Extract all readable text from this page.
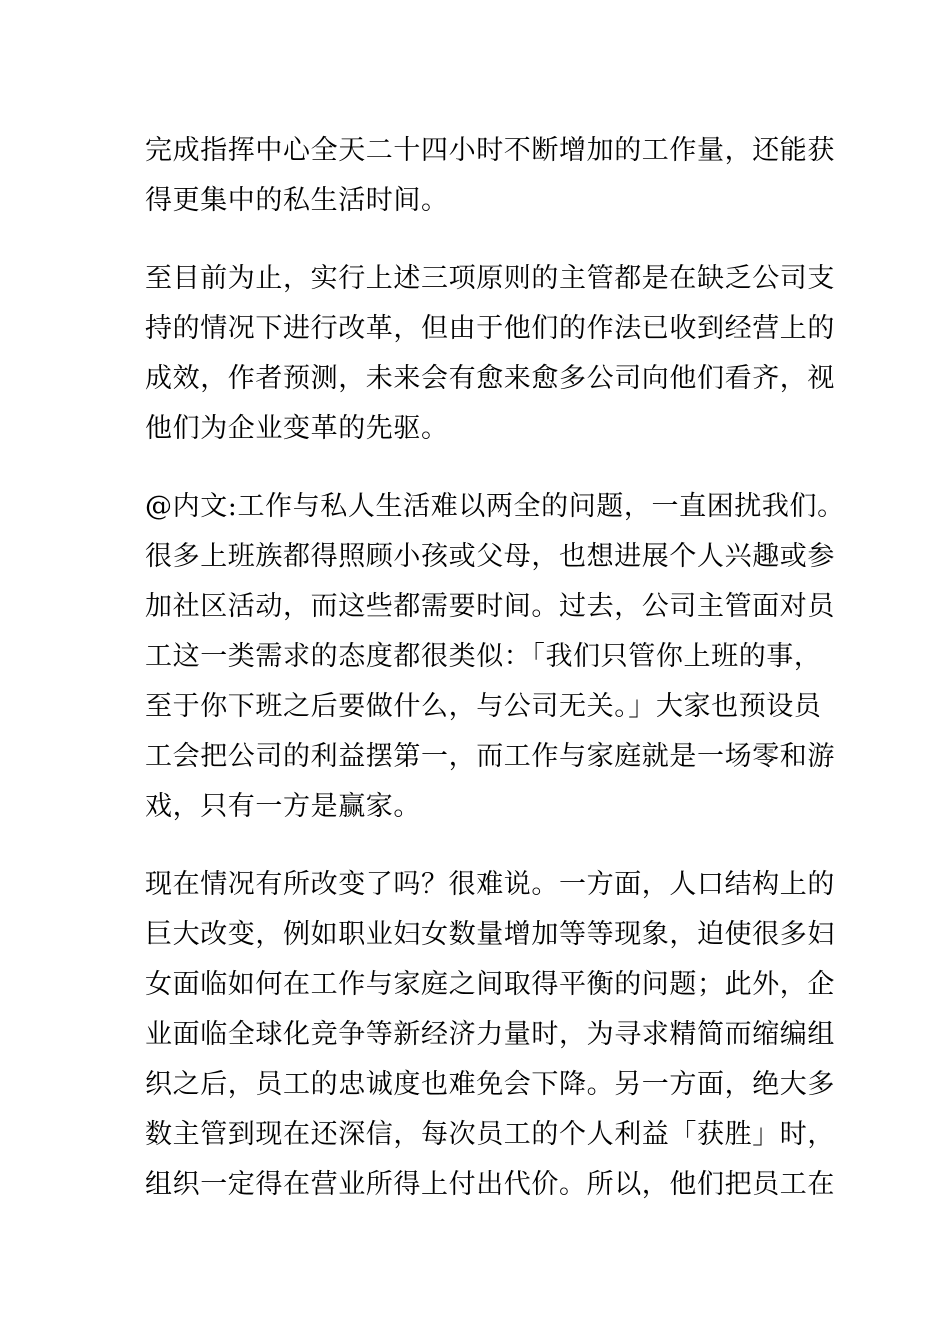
完成指挥中心全天二十四小时不断增加的工作量，还能获
得更集中的私生活时间。

至目前为止，实行上述三项原则的主管都是在缺乏公司支
持的情况下进行改革，但由于他们的作法已收到经营上的
成效，作者预测，未来会有愈来愈多公司向他们看齐，视
他们为企业变革的先驱。

@内文:工作与私人生活难以两全的问题，一直困扰我们。
很多上班族都得照顾小孩或父母，也想进展个人兴趣或参
加社区活动，而这些都需要时间。过去，公司主管面对员
工这一类需求的态度都很类似：「我们只管你上班的事，
至于你下班之后要做什么，与公司无关。」大家也预设员
工会把公司的利益摆第一，而工作与家庭就是一场零和游
戏，只有一方是赢家。

现在情况有所改变了吗？很难说。一方面，人口结构上的
巨大改变，例如职业妇女数量增加等等现象，迫使很多妇
女面临如何在工作与家庭之间取得平衡的问题；此外，企
业面临全球化竞争等新经济力量时，为寻求精简而缩编组
织之后，员工的忠诚度也难免会下降。另一方面，绝大多
数主管到现在还深信，每次员工的个人利益「获胜」时，
组织一定得在营业所得上付出代价。所以，他们把员工在
